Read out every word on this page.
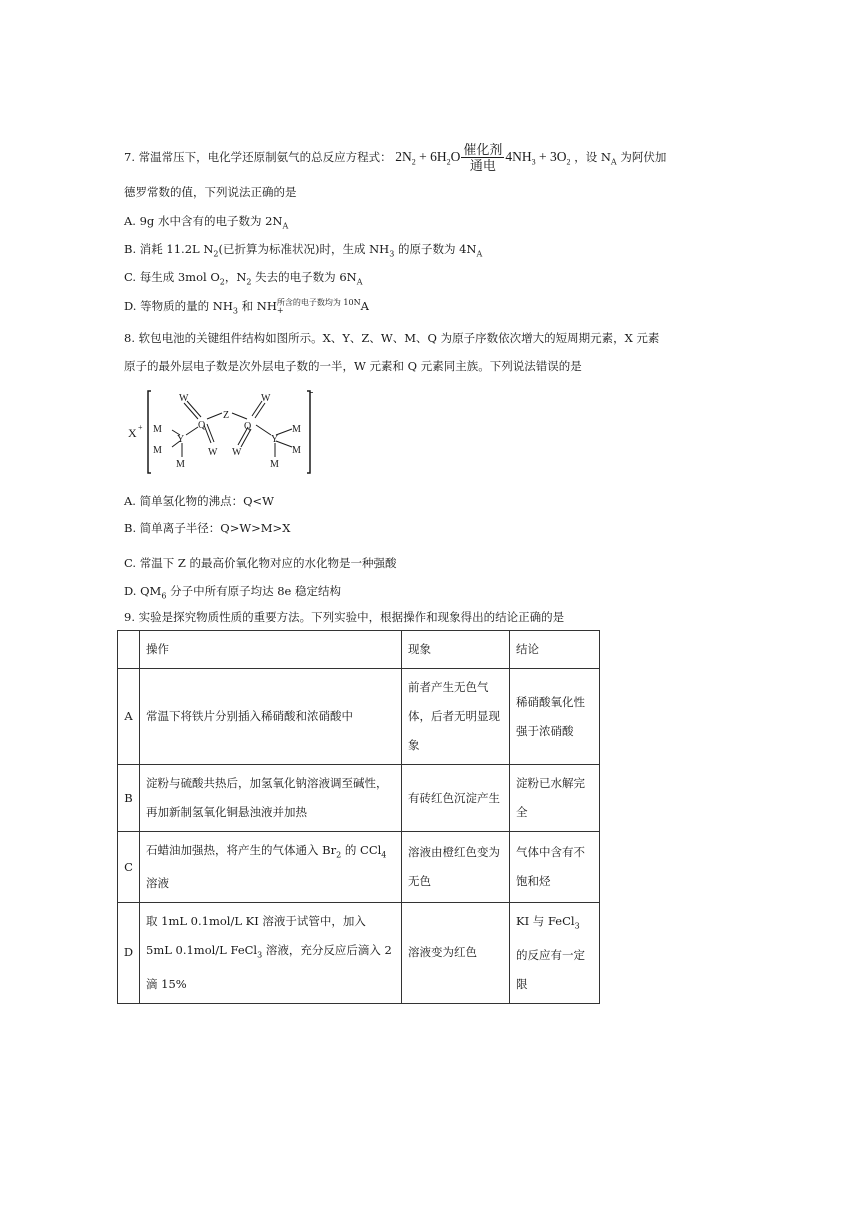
7. 常温常压下，电化学还原制氨气的总反应方程式： $2N_2 + 6H_2O \frac{\text{催化剂}}{\text{通电}} 4NH_3 + 3O_2$ ，设 $N_A$ 为阿伏加
德罗常数的值，下列说法正确的是
A. 9g 水中含有的电子数为 $2N_A$
B. 消耗 11.2L $N_2$(已折算为标准状况)时，生成 $NH_3$ 的原子数为 $4N_A$
C. 每生成 3mol $O_2$，$N_2$ 失去的电子数为 $6N_A$
D. 等物质的量的 $NH_3$ 和 NH 所含的电子数均为 10N
+	A
8. 软包电池的关键组件结构如图所示。X、Y、Z、W、M、Q 为原子序数依次增大的短周期元素，X 元素
原子的最外层电子数是次外层电子数的一半，W 元素和 Q 元素同主族。下列说法错误的是
X +
-
W
Q
W
Z
Q
W
W
Y	Y
M
M
M
M
M
M
A. 简单氢化物的沸点：Q<W
B. 简单离子半径：Q>W>M>X
C. 常温下 Z 的最高价氧化物对应的水化物是一种强酸
D. $QM_6$ 分子中所有原子均达 8e 稳定结构
9. 实验是探究物质性质的重要方法。下列实验中，根据操作和现象得出的结论正确的是
	操作	现象	结论
A	常温下将铁片分别插入稀硝酸和浓硝酸中	前者产生无色气体，后者无明显现象	稀硝酸氧化性强于浓硝酸
B	淀粉与硫酸共热后，加氢氧化钠溶液调至碱性，再加新制氢氧化铜悬浊液并加热	有砖红色沉淀产生	淀粉已水解完全
C	石蜡油加强热，将产生的气体通入 $Br_2$ 的 CCl$_4$ 溶液	溶液由橙红色变为无色	气体中含有不饱和烃
D	取 1mL 0.1mol/L KI 溶液于试管中，加入 5mL 0.1mol/L FeCl$_3$ 溶液，充分反应后滴入 2 滴 15%	溶液变为红色	KI 与 FeCl$_3$ 的反应有一定限
